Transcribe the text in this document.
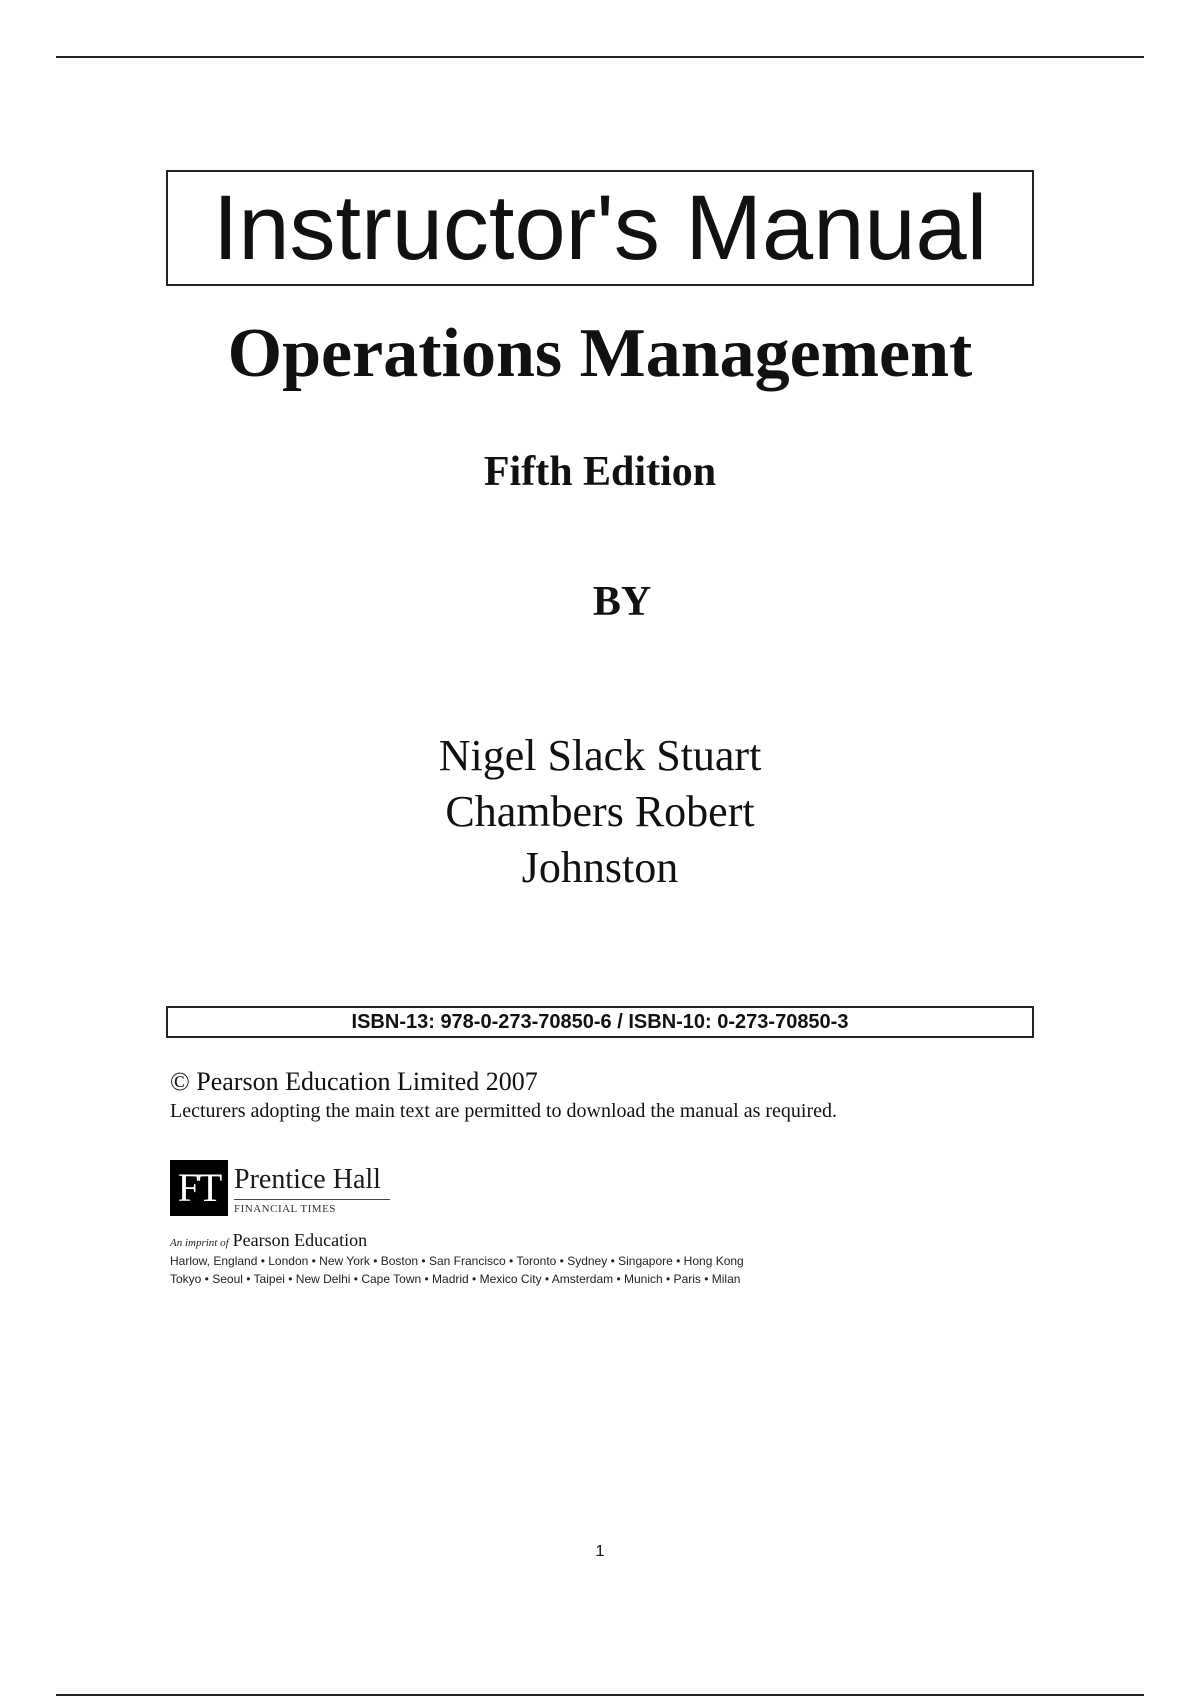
Instructor's Manual
Operations Management
Fifth Edition
BY
Nigel Slack Stuart
Chambers Robert
Johnston
ISBN-13: 978-0-273-70850-6 / ISBN-10: 0-273-70850-3
© Pearson Education Limited 2007
Lecturers adopting the main text are permitted to download the manual as required.
FT Prentice Hall
FINANCIAL TIMES
An imprint of Pearson Education
Harlow, England • London • New York • Boston • San Francisco • Toronto • Sydney • Singapore • Hong Kong
Tokyo • Seoul • Taipei • New Delhi • Cape Town • Madrid • Mexico City • Amsterdam • Munich • Paris • Milan
1
